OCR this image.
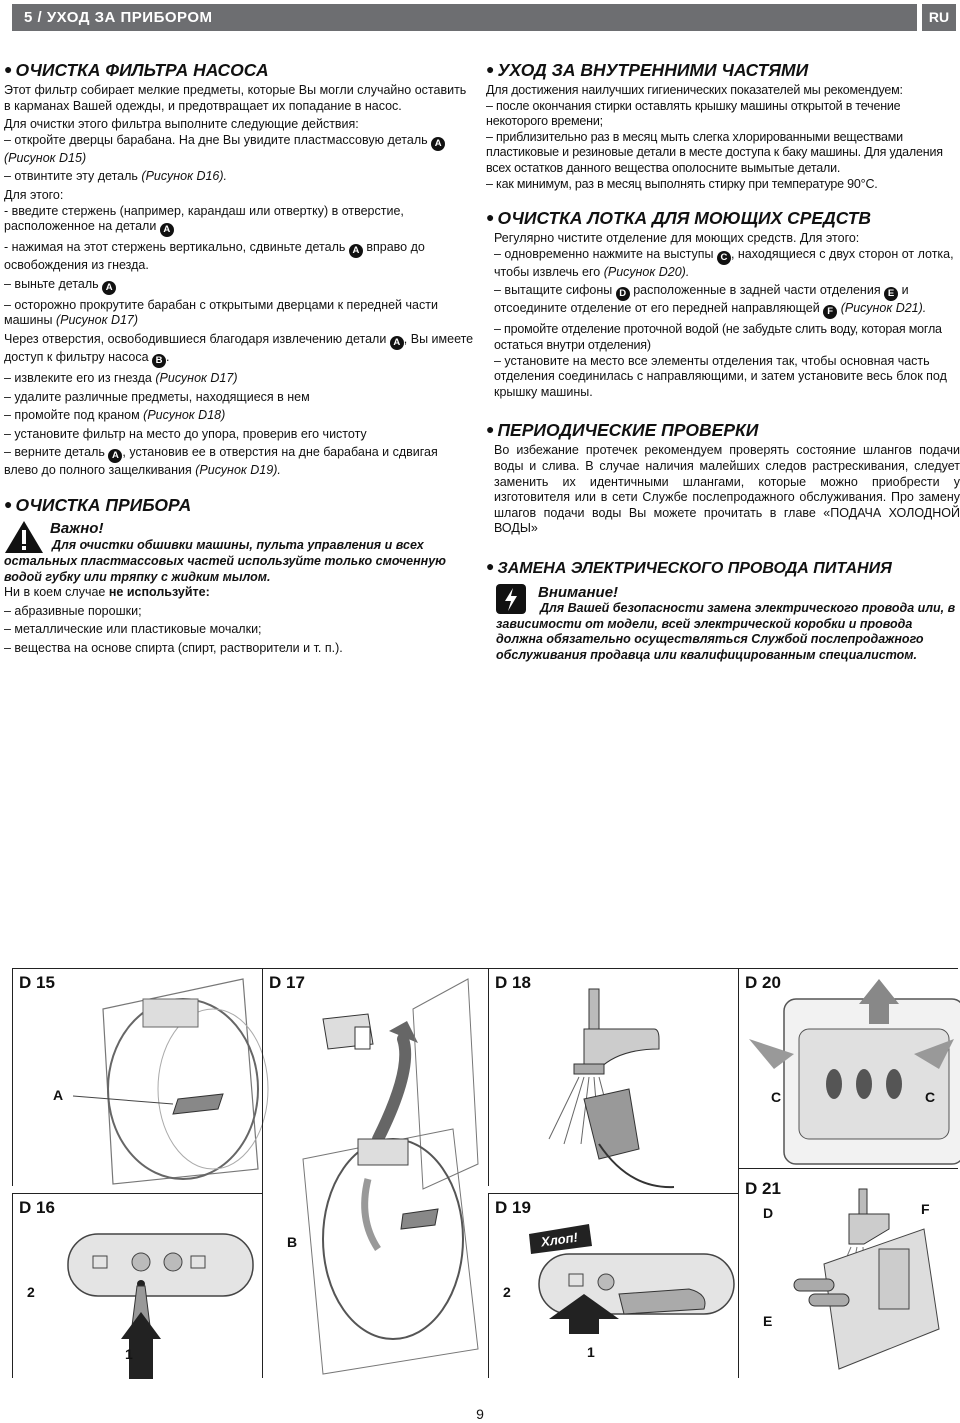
5 / УХОД ЗА ПРИБОРОМ	RU
● ОЧИСТКА ФИЛЬТРА НАСОСА

Этот фильтр собирает мелкие предметы, которые Вы могли случайно оставить в карманах Вашей одежды, и предотвращает их попадание в насос.

Для очистки этого фильтра выполните следующие действия:

– откройте дверцы барабана. На дне Вы увидите пластмассовую деталь A (Рисунок D15)

– отвинтите эту деталь (Рисунок D16).

Для этого:

- введите стержень (например, карандаш или отвертку) в отверстие, расположенное на детали A

- нажимая на этот стержень вертикально, сдвиньте деталь A вправо до освобождения из гнезда.

– выньте деталь A

– осторожно прокрутите барабан с открытыми дверцами к передней части машины (Рисунок D17)

Через отверстия, освободившиеся благодаря извлечению детали A , Вы имеете доступ к фильтру насоса B .

– извлеките его из гнезда (Рисунок D17)

– удалите различные предметы, находящиеся в нем

– промойте под краном (Рисунок D18)

– установите фильтр на место до упора, проверив его чистоту

– верните деталь A , установив ее в отверстия на дне барабана и сдвигая влево до полного защелкивания (Рисунок D19).

● ОЧИСТКА ПРИБОРА
Важно!

Для очистки обшивки машины, пульта управления и всех остальных пластмассовых частей используйте только смоченную водой губку или тряпку с жидким мылом.

Ни в коем случае не используйте:

– абразивные порошки;

– металлические или пластиковые мочалки;

– вещества на основе спирта (спирт, растворители и т. п.).

● УХОД ЗА ВНУТРЕННИМИ ЧАСТЯМИ

Для достижения наилучших гигиенических показателей мы рекомендуем:

– после окончания стирки оставлять крышку машины открытой в течение некоторого времени;

– приблизительно раз в месяц мыть слегка хлорированными веществами пластиковые и резиновые детали в месте доступа к баку машины. Для удаления всех остатков данного вещества ополосните вымытые детали.

– как минимум, раз в месяц выполнять стирку при температуре 90°C.

● ОЧИСТКА ЛОТКА ДЛЯ МОЮЩИХ СРЕДСТВ

Регулярно чистите отделение для моющих средств. Для этого:

– одновременно нажмите на выступы C , находящиеся с двух сторон от лотка, чтобы извлечь его (Рисунок D20).

– вытащите сифоны D расположенные в задней части отделения E и отсоедините отделение от его передней направляющей F (Рисунок D21).

– промойте отделение проточной водой (не забудьте слить воду, которая могла остаться внутри отделения)

– установите на место все элементы отделения так, чтобы основная часть отделения соединилась с направляющими, и затем установите весь блок под крышку машины.

● ПЕРИОДИЧЕСКИЕ ПРОВЕРКИ

Во избежание протечек рекомендуем проверять состояние шлангов подачи воды и слива. В случае наличия малейших следов растрескивания, следует заменить их идентичными шлангами, которые можно приобрести у изготовителя или в сети Службе послепродажного обслуживания. Про замену шлагов подачи воды Вы можете прочитать в главе «ПОДАЧА ХОЛОДНОЙ ВОДЫ»

● ЗАМЕНА ЭЛЕКТРИЧЕСКОГО ПРОВОДА ПИТАНИЯ
Внимание!

Для Вашей безопасности замена электрического провода или, в зависимости от модели, всей электрической коробки и провода должна обязательно осуществляться Службой послепродажного обслуживания продавца или квалифицированным специалистом.

D 15
A
D 16
2
1
D 17
B
D 18
D 19
Хлоп!
2
1
D 20
C	C
D 21
D	F
E
9
